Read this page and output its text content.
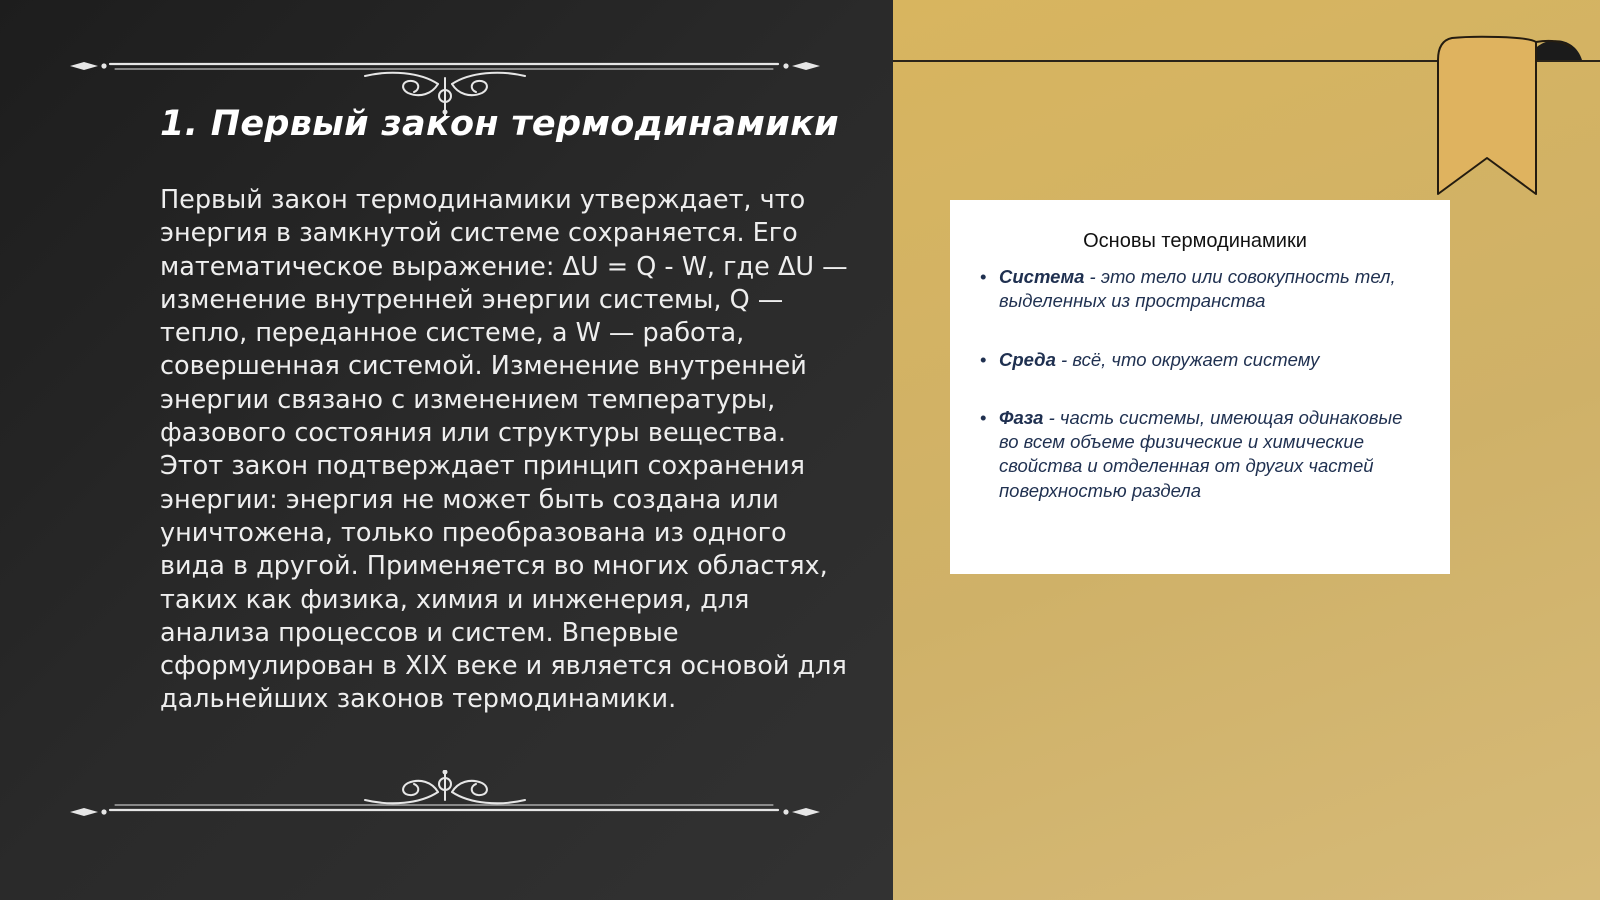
1. Первый закон термодинамики

Первый закон термодинамики утверждает, что энергия в замкнутой системе сохраняется. Его математическое выражение: ΔU = Q - W, где ΔU — изменение внутренней энергии системы, Q — тепло, переданное системе, а W — работа, совершенная системой. Изменение внутренней энергии связано с изменением температуры, фазового состояния или структуры вещества. Этот закон подтверждает принцип сохранения энергии: энергия не может быть создана или уничтожена, только преобразована из одного вида в другой. Применяется во многих областях, таких как физика, химия и инженерия, для анализа процессов и систем. Впервые сформулирован в XIX веке и является основой для дальнейших законов термодинамики.

Основы термодинамики
• Система - это тело или совокупность тел, выделенных из пространства
• Среда - всё, что окружает систему
• Фаза - часть системы, имеющая одинаковые во всем объеме физические и химические свойства и отделенная от других частей поверхностью раздела
